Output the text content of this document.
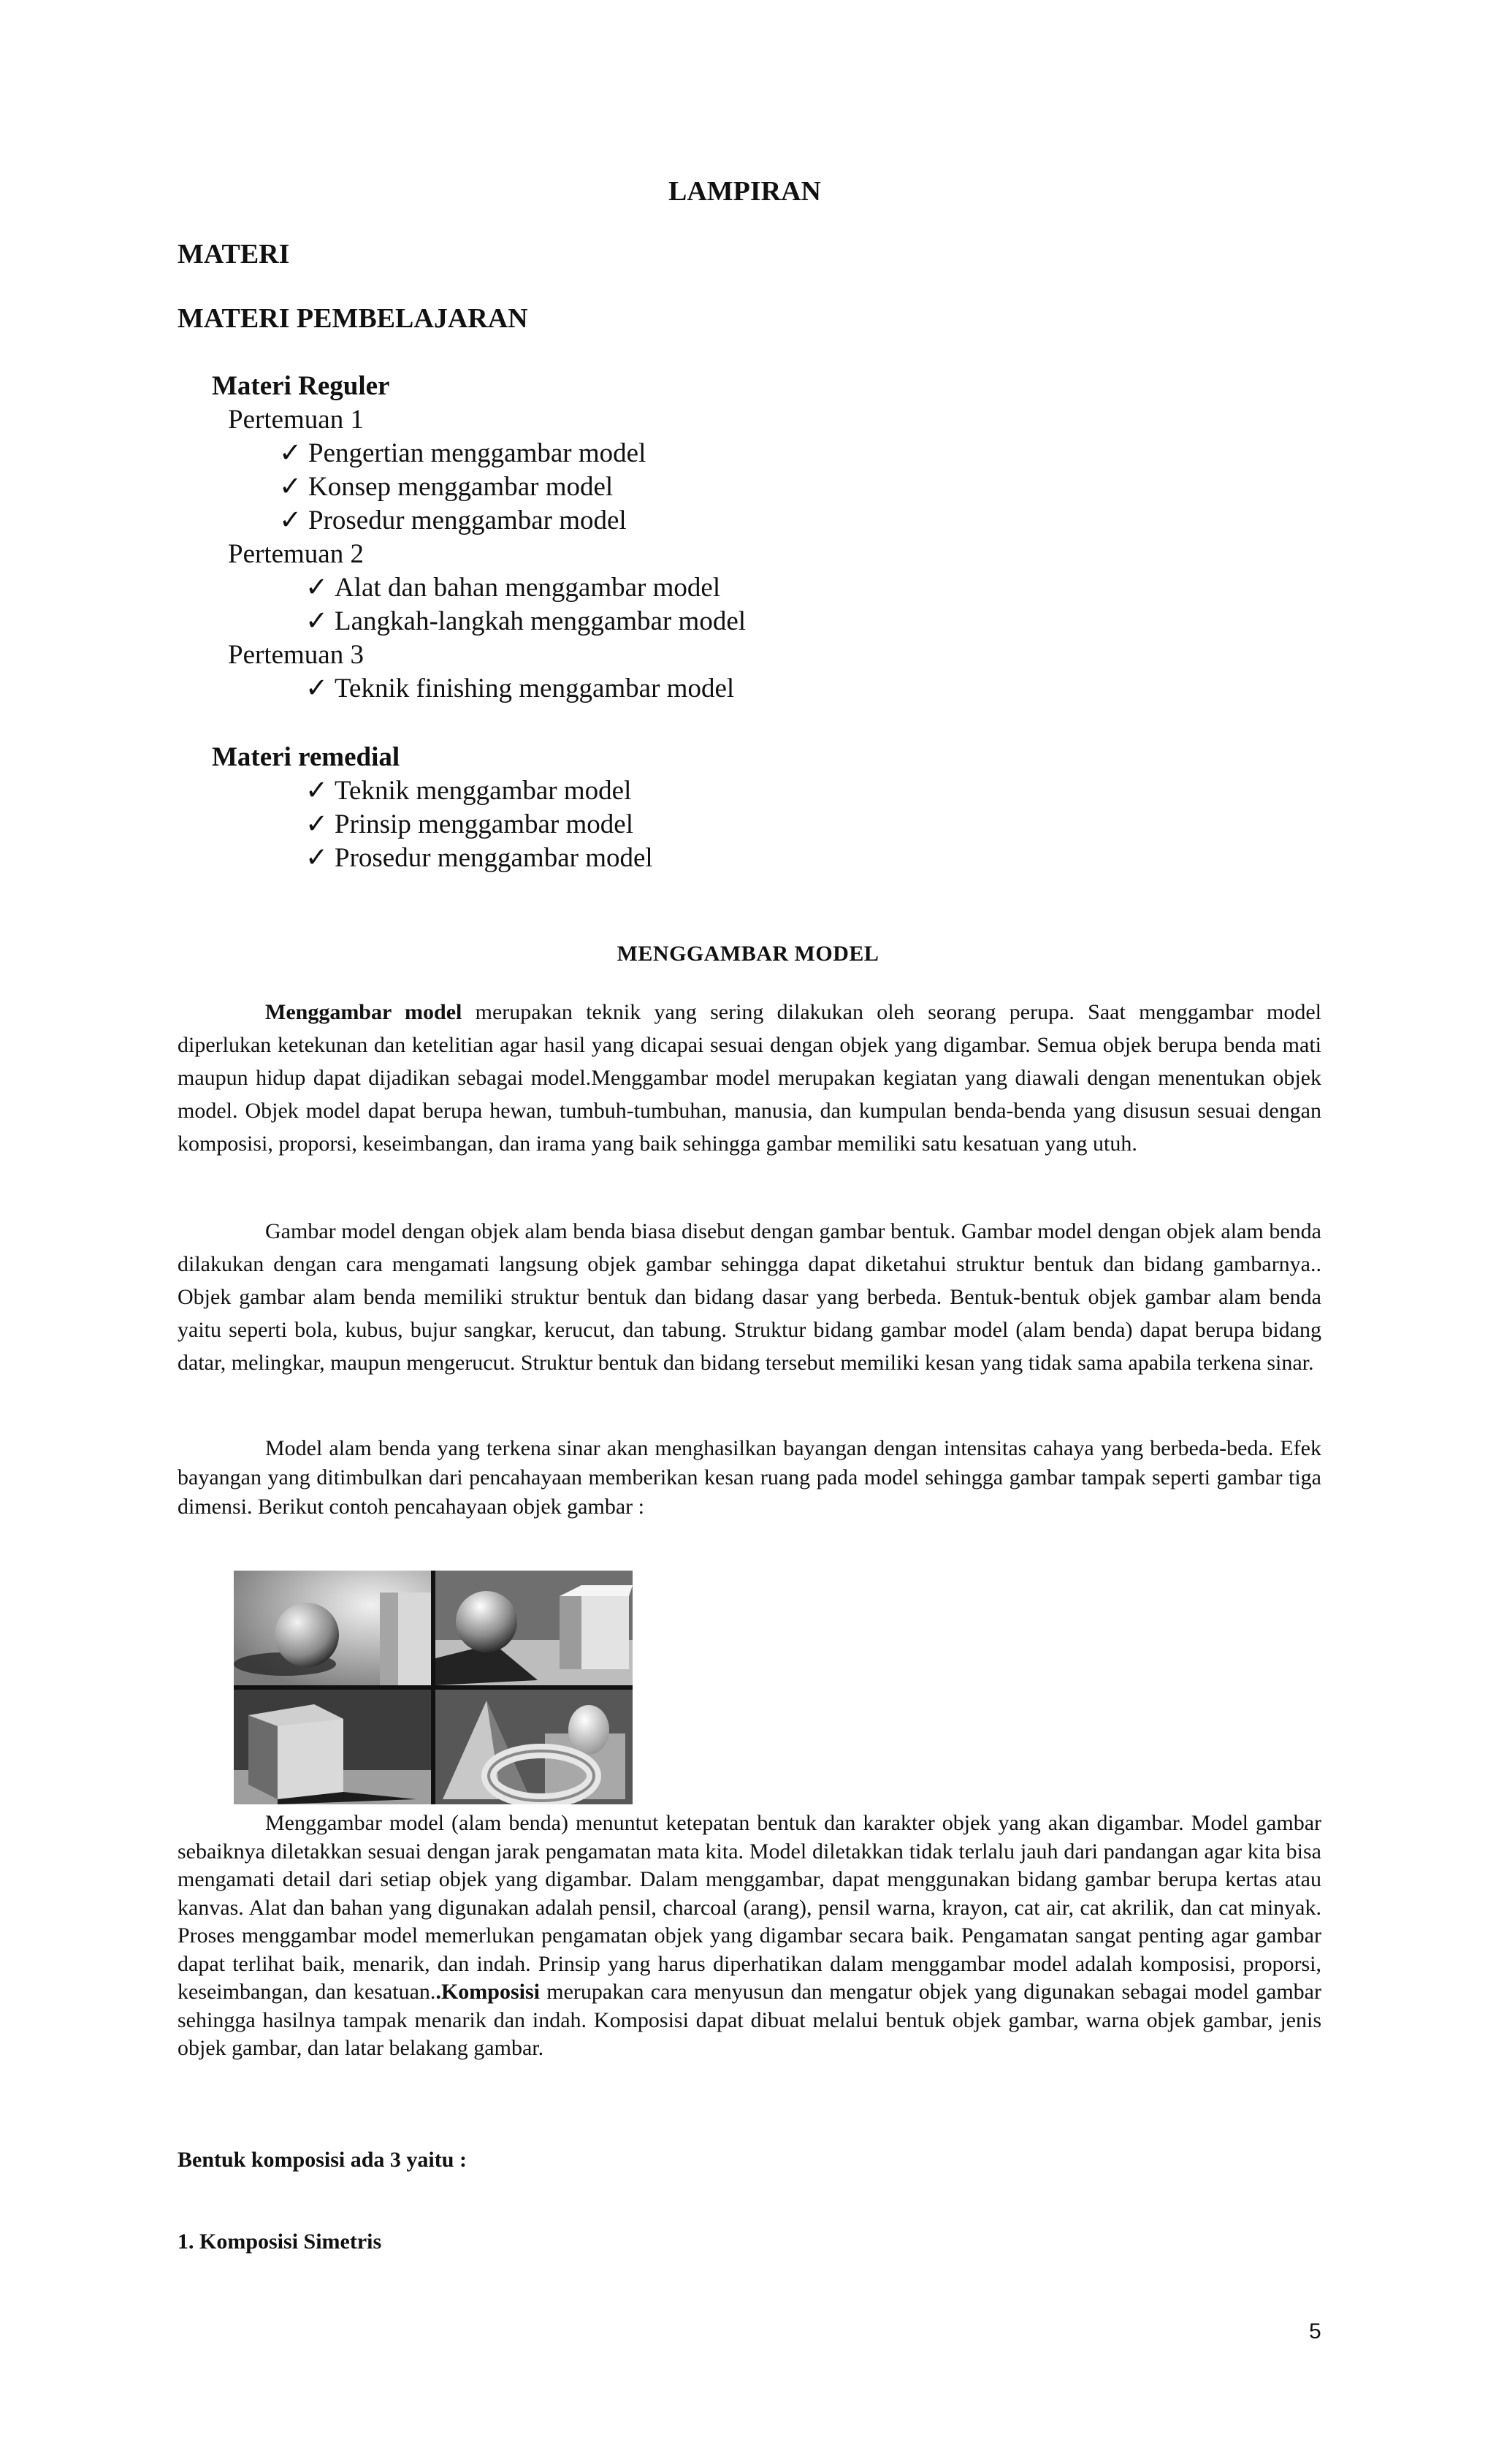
LAMPIRAN
MATERI
MATERI PEMBELAJARAN
Materi Reguler
Pertemuan 1
✓ Pengertian menggambar model
✓ Konsep menggambar model
✓ Prosedur menggambar model
Pertemuan 2
✓ Alat dan bahan menggambar model
✓ Langkah-langkah menggambar model
Pertemuan 3
✓ Teknik finishing menggambar model
Materi remedial
✓ Teknik menggambar model
✓ Prinsip menggambar model
✓ Prosedur menggambar model
MENGGAMBAR MODEL

Menggambar model merupakan teknik yang sering dilakukan oleh seorang perupa. Saat menggambar model diperlukan ketekunan dan ketelitian agar hasil yang dicapai sesuai dengan objek yang digambar. Semua objek berupa benda mati maupun hidup dapat dijadikan sebagai model.Menggambar model merupakan kegiatan yang diawali dengan menentukan objek model. Objek model dapat berupa hewan, tumbuh-tumbuhan, manusia, dan kumpulan benda-benda yang disusun sesuai dengan komposisi, proporsi, keseimbangan, dan irama yang baik sehingga gambar memiliki satu kesatuan yang utuh.

Gambar model dengan objek alam benda biasa disebut dengan gambar bentuk. Gambar model dengan objek alam benda dilakukan dengan cara mengamati langsung objek gambar sehingga dapat diketahui struktur bentuk dan bidang gambarnya.. Objek gambar alam benda memiliki struktur bentuk dan bidang dasar yang berbeda. Bentuk-bentuk objek gambar alam benda yaitu seperti bola, kubus, bujur sangkar, kerucut, dan tabung. Struktur bidang gambar model (alam benda) dapat berupa bidang datar, melingkar, maupun mengerucut. Struktur bentuk dan bidang tersebut memiliki kesan yang tidak sama apabila terkena sinar.

Model alam benda yang terkena sinar akan menghasilkan bayangan dengan intensitas cahaya yang berbeda-beda. Efek bayangan yang ditimbulkan dari pencahayaan memberikan kesan ruang pada model sehingga gambar tampak seperti gambar tiga dimensi. Berikut contoh pencahayaan objek gambar :

Menggambar model (alam benda) menuntut ketepatan bentuk dan karakter objek yang akan digambar. Model gambar sebaiknya diletakkan sesuai dengan jarak pengamatan mata kita. Model diletakkan tidak terlalu jauh dari pandangan agar kita bisa mengamati detail dari setiap objek yang digambar. Dalam menggambar, dapat menggunakan bidang gambar berupa kertas atau kanvas. Alat dan bahan yang digunakan adalah pensil, charcoal (arang), pensil warna, krayon, cat air, cat akrilik, dan cat minyak. Proses menggambar model memerlukan pengamatan objek yang digambar secara baik. Pengamatan sangat penting agar gambar dapat terlihat baik, menarik, dan indah. Prinsip yang harus diperhatikan dalam menggambar model adalah komposisi, proporsi, keseimbangan, dan kesatuan..Komposisi merupakan cara menyusun dan mengatur objek yang digunakan sebagai model gambar sehingga hasilnya tampak menarik dan indah. Komposisi dapat dibuat melalui bentuk objek gambar, warna objek gambar, jenis objek gambar, dan latar belakang gambar.

Bentuk komposisi ada 3 yaitu :
1. Komposisi Simetris
5
